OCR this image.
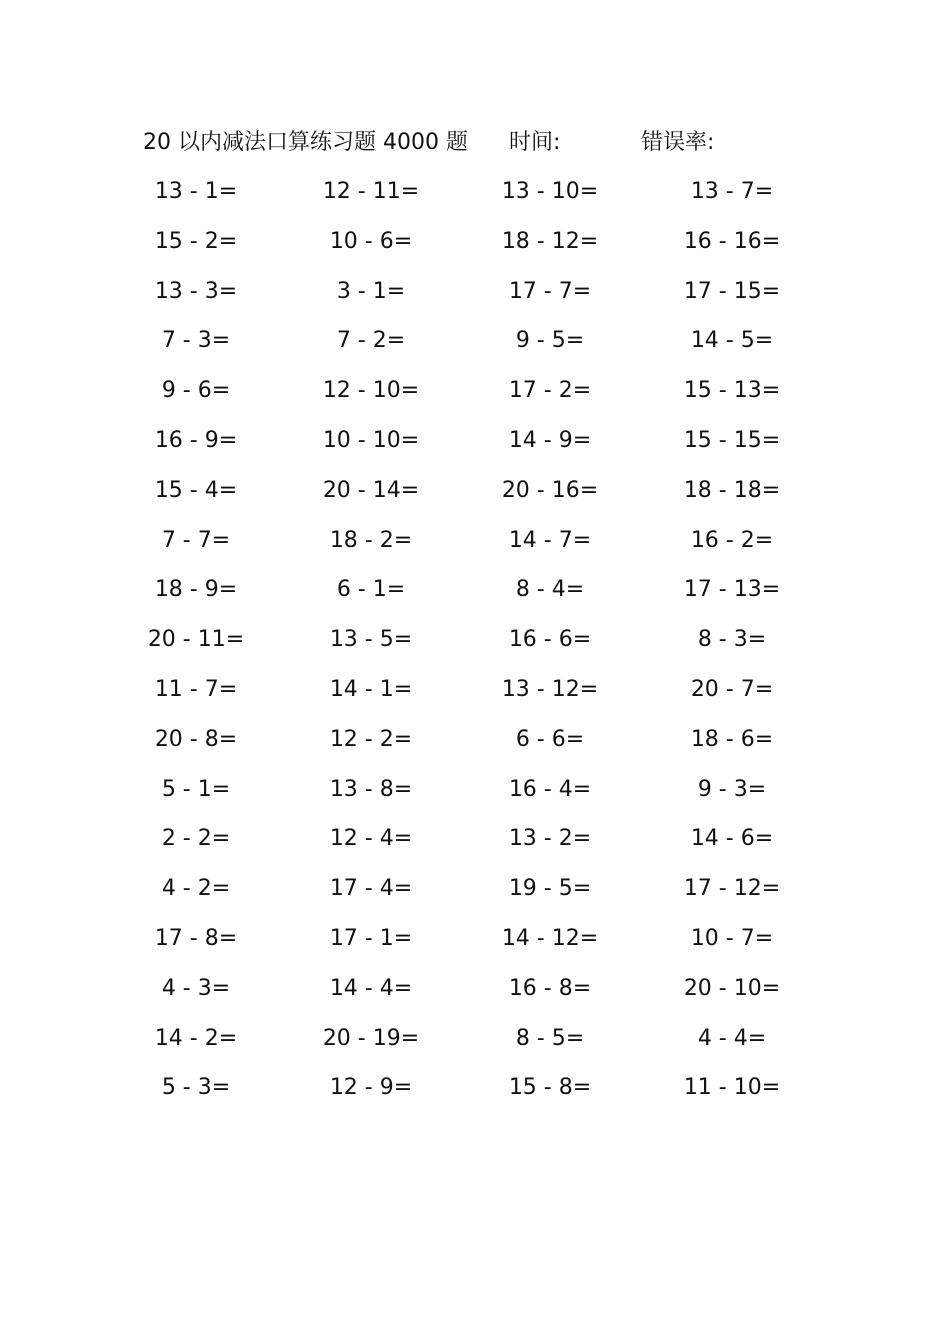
20 以内减法口算练习题 4000 题 时间:	错误率:
13 - 1=	12 - 11=	13 - 10=	13 - 7=
15 - 2=	10 - 6=	18 - 12=	16 - 16=
13 - 3=	3 - 1=	17 - 7=	17 - 15=
7 - 3=	7 - 2=	9 - 5=	14 - 5=
9 - 6=	12 - 10=	17 - 2=	15 - 13=
16 - 9=	10 - 10=	14 - 9=	15 - 15=
15 - 4=	20 - 14=	20 - 16=	18 - 18=
7 - 7=	18 - 2=	14 - 7=	16 - 2=
18 - 9=	6 - 1=	8 - 4=	17 - 13=
20 - 11=	13 - 5=	16 - 6=	8 - 3=
11 - 7=	14 - 1=	13 - 12=	20 - 7=
20 - 8=	12 - 2=	6 - 6=	18 - 6=
5 - 1=	13 - 8=	16 - 4=	9 - 3=
2 - 2=	12 - 4=	13 - 2=	14 - 6=
4 - 2=	17 - 4=	19 - 5=	17 - 12=
17 - 8=	17 - 1=	14 - 12=	10 - 7=
4 - 3=	14 - 4=	16 - 8=	20 - 10=
14 - 2=	20 - 19=	8 - 5=	4 - 4=
5 - 3=	12 - 9=	15 - 8=	11 - 10=
